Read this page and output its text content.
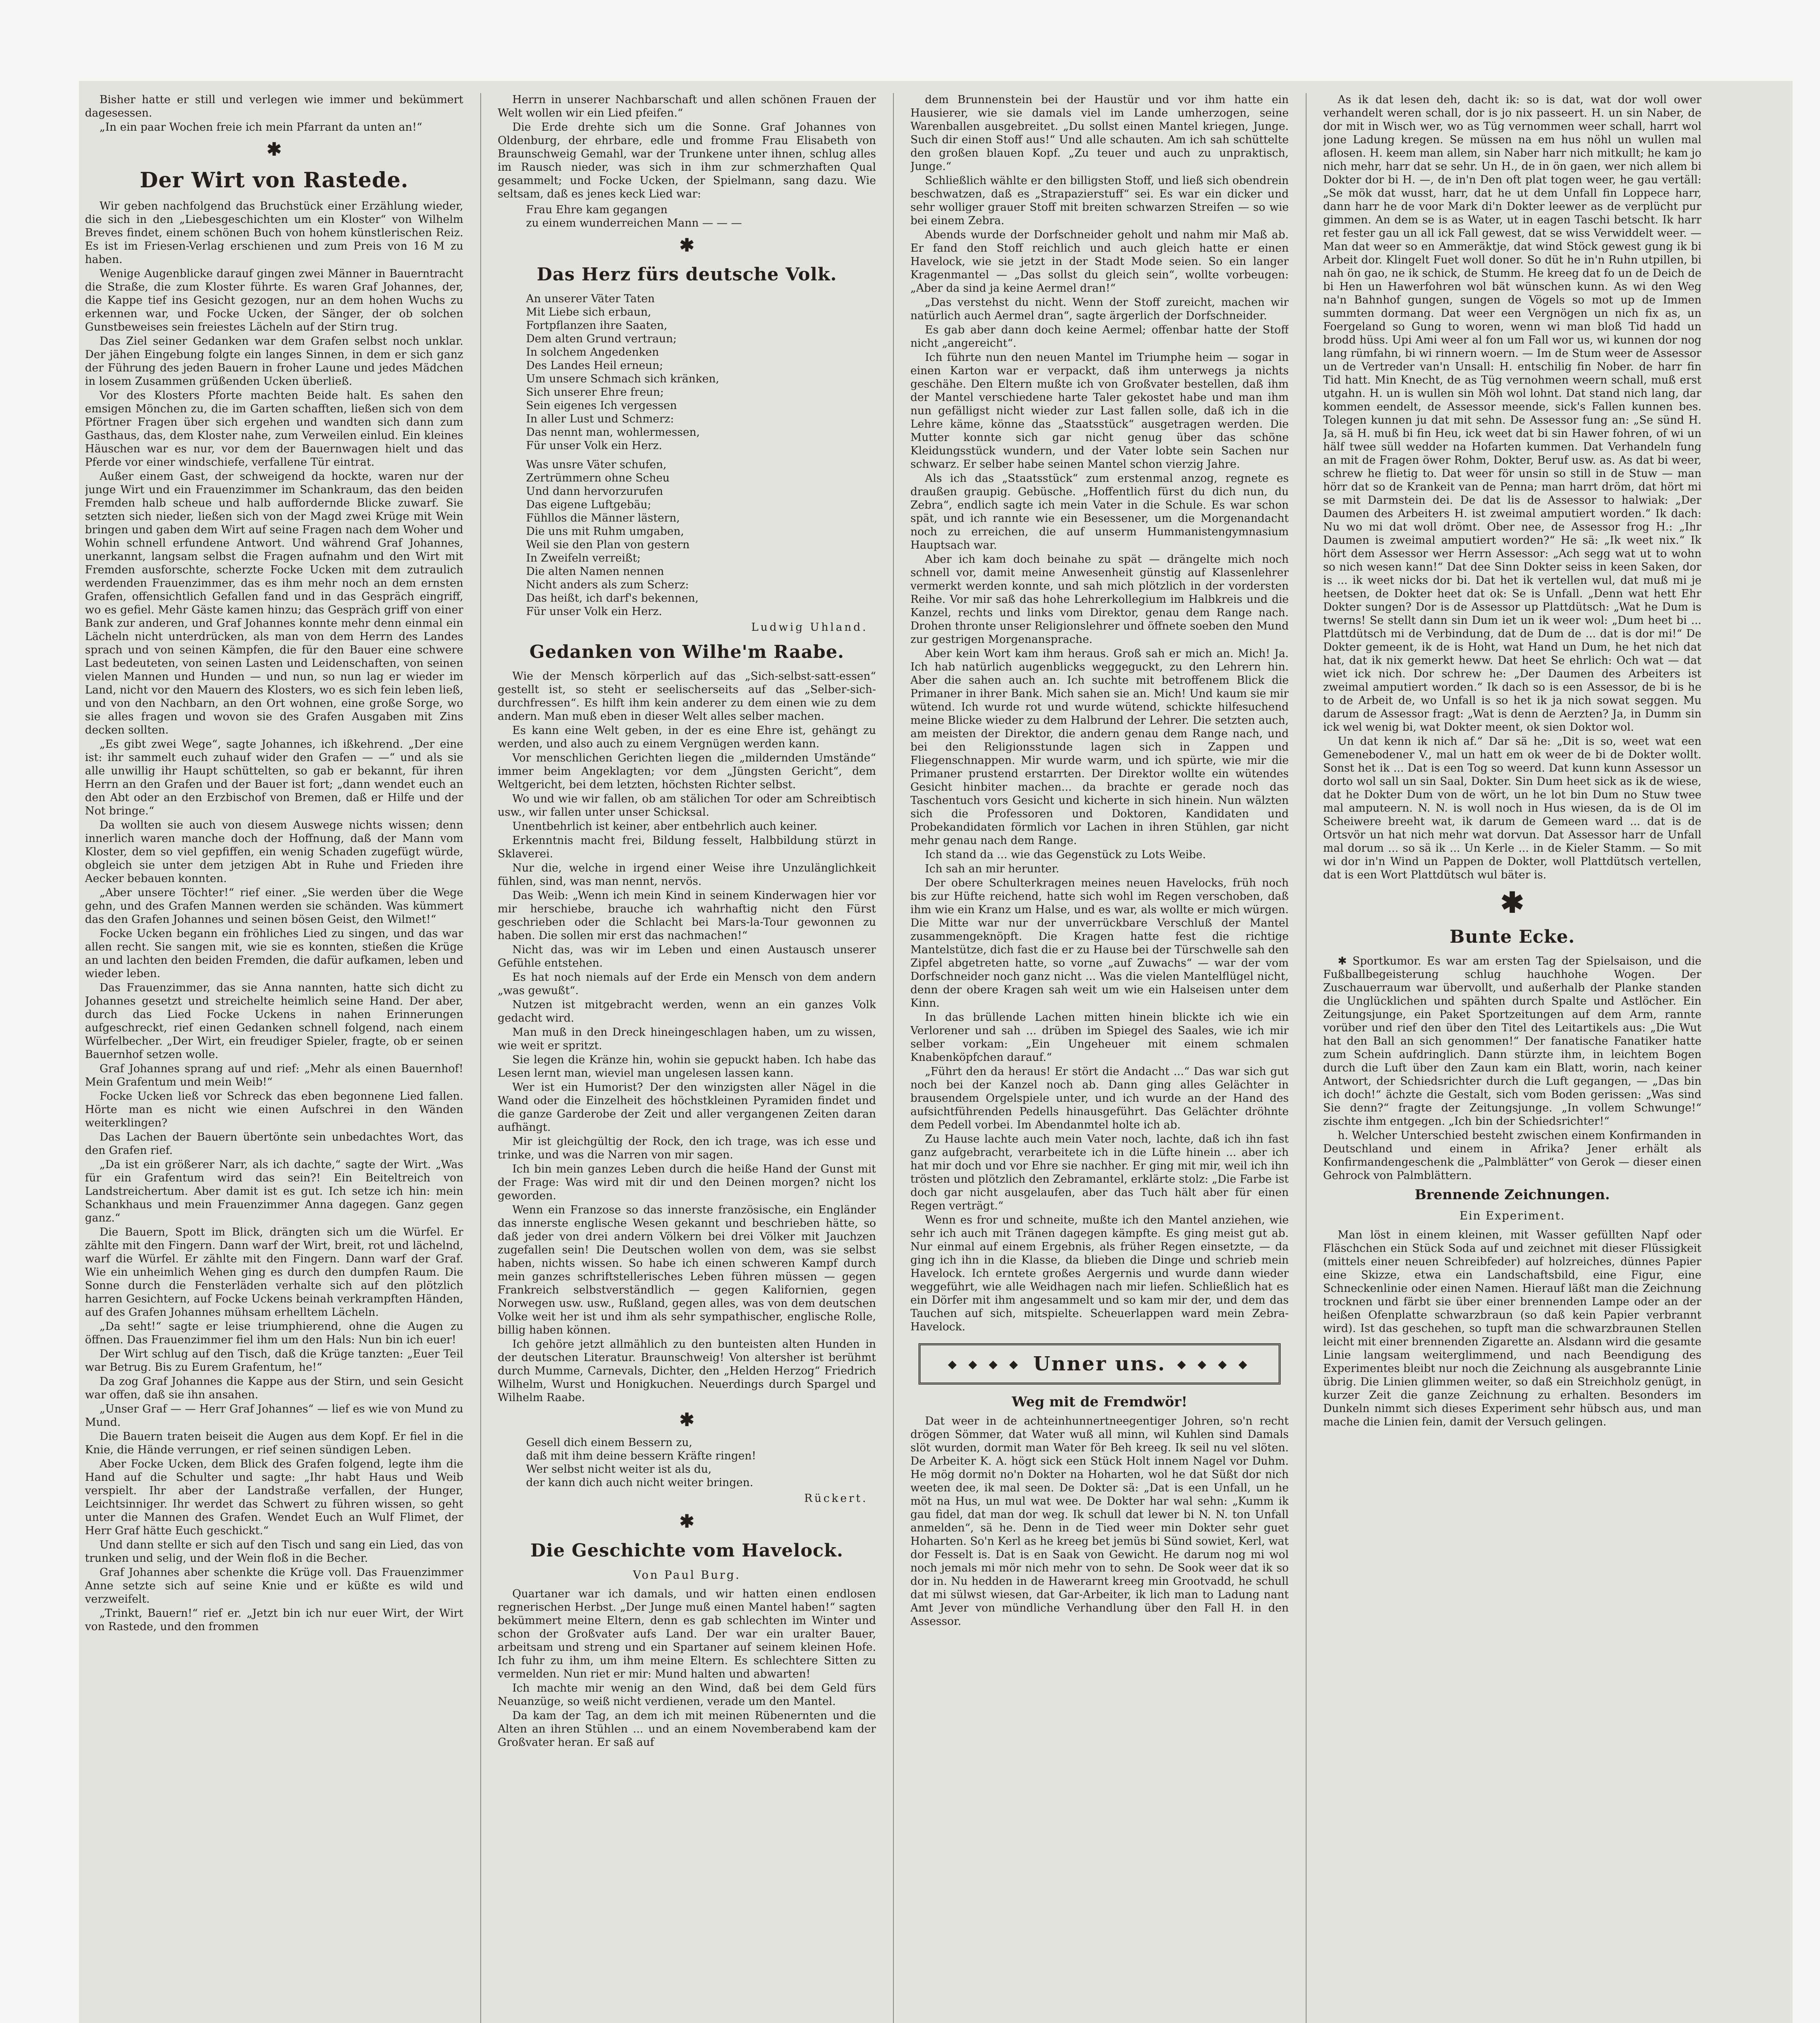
Bisher hatte er still und verlegen wie immer und bekümmert dagesessen.

„In ein paar Wochen freie ich mein Pfarrant da unten an!“

✱
Der Wirt von Rastede.

Wir geben nachfolgend das Bruchstück einer Erzählung wieder, die sich in den „Liebesgeschichten um ein Kloster“ von Wilhelm Breves findet, einem schönen Buch von hohem künstlerischen Reiz. Es ist im Friesen-Verlag erschienen und zum Preis von 16 M zu haben.

Wenige Augenblicke darauf gingen zwei Männer in Bauerntracht die Straße, die zum Kloster führte. Es waren Graf Johannes, der, die Kappe tief ins Gesicht gezogen, nur an dem hohen Wuchs zu erkennen war, und Focke Ucken, der Sänger, der ob solchen Gunstbeweises sein freiestes Lächeln auf der Stirn trug.

Das Ziel seiner Gedanken war dem Grafen selbst noch unklar. Der jähen Eingebung folgte ein langes Sinnen, in dem er sich ganz der Führung des jeden Bauern in froher Laune und jedes Mädchen in losem Zusammen grüßenden Ucken überließ.

Vor des Klosters Pforte machten Beide halt. Es sahen den emsigen Mönchen zu, die im Garten schafften, ließen sich von dem Pförtner Fragen über sich ergehen und wandten sich dann zum Gasthaus, das, dem Kloster nahe, zum Verweilen einlud. Ein kleines Häuschen war es nur, vor dem der Bauernwagen hielt und das Pferde vor einer windschiefe, verfallene Tür eintrat.

Außer einem Gast, der schweigend da hockte, waren nur der junge Wirt und ein Frauenzimmer im Schankraum, das den beiden Fremden halb scheue und halb auffordernde Blicke zuwarf. Sie setzten sich nieder, ließen sich von der Magd zwei Krüge mit Wein bringen und gaben dem Wirt auf seine Fragen nach dem Woher und Wohin schnell erfundene Antwort. Und während Graf Johannes, unerkannt, langsam selbst die Fragen aufnahm und den Wirt mit Fremden ausforschte, scherzte Focke Ucken mit dem zutraulich werdenden Frauenzimmer, das es ihm mehr noch an dem ernsten Grafen, offensichtlich Gefallen fand und in das Gespräch eingriff, wo es gefiel. Mehr Gäste kamen hinzu; das Gespräch griff von einer Bank zur anderen, und Graf Johannes konnte mehr denn einmal ein Lächeln nicht unterdrücken, als man von dem Herrn des Landes sprach und von seinen Kämpfen, die für den Bauer eine schwere Last bedeuteten, von seinen Lasten und Leidenschaften, von seinen vielen Mannen und Hunden — und nun, so nun lag er wieder im Land, nicht vor den Mauern des Klosters, wo es sich fein leben ließ, und von den Nachbarn, an den Ort wohnen, eine große Sorge, wo sie alles fragen und wovon sie des Grafen Ausgaben mit Zins decken sollten.

„Es gibt zwei Wege“, sagte Johannes, ich ißkehrend. „Der eine ist: ihr sammelt euch zuhauf wider den Grafen — —“ und als sie alle unwillig ihr Haupt schüttelten, so gab er bekannt, für ihren Herrn an den Grafen und der Bauer ist fort; „dann wendet euch an den Abt oder an den Erzbischof von Bremen, daß er Hilfe und der Not bringe.“

Da wollten sie auch von diesem Auswege nichts wissen; denn innerlich waren manche doch der Hoffnung, daß der Mann vom Kloster, dem so viel gepfiffen, ein wenig Schaden zugefügt würde, obgleich sie unter dem jetzigen Abt in Ruhe und Frieden ihre Aecker bebauen konnten.

„Aber unsere Töchter!“ rief einer. „Sie werden über die Wege gehn, und des Grafen Mannen werden sie schänden. Was kümmert das den Grafen Johannes und seinen bösen Geist, den Wilmet!“

Focke Ucken begann ein fröhliches Lied zu singen, und das war allen recht. Sie sangen mit, wie sie es konnten, stießen die Krüge an und lachten den beiden Fremden, die dafür aufkamen, leben und wieder leben.

Das Frauenzimmer, das sie Anna nannten, hatte sich dicht zu Johannes gesetzt und streichelte heimlich seine Hand. Der aber, durch das Lied Focke Uckens in nahen Erinnerungen aufgeschreckt, rief einen Gedanken schnell folgend, nach einem Würfelbecher. „Der Wirt, ein freudiger Spieler, fragte, ob er seinen Bauernhof setzen wolle.

Graf Johannes sprang auf und rief: „Mehr als einen Bauernhof! Mein Grafentum und mein Weib!“

Focke Ucken ließ vor Schreck das eben begonnene Lied fallen. Hörte man es nicht wie einen Aufschrei in den Wänden weiterklingen?

Das Lachen der Bauern übertönte sein unbedachtes Wort, das den Grafen rief.

„Da ist ein größerer Narr, als ich dachte,“ sagte der Wirt. „Was für ein Grafentum wird das sein?! Ein Beiteltreich von Landstreichertum. Aber damit ist es gut. Ich setze ich hin: mein Schankhaus und mein Frauenzimmer Anna dagegen. Ganz gegen ganz.“

Die Bauern, Spott im Blick, drängten sich um die Würfel. Er zählte mit den Fingern. Dann warf der Wirt, breit, rot und lächelnd, warf die Würfel. Er zählte mit den Fingern. Dann warf der Graf. Wie ein unheimlich Wehen ging es durch den dumpfen Raum. Die Sonne durch die Fensterläden verhalte sich auf den plötzlich harren Gesichtern, auf Focke Uckens beinah verkrampften Händen, auf des Grafen Johannes mühsam erhelltem Lächeln.

„Da seht!“ sagte er leise triumphierend, ohne die Augen zu öffnen. Das Frauenzimmer fiel ihm um den Hals: Nun bin ich euer!

Der Wirt schlug auf den Tisch, daß die Krüge tanzten: „Euer Teil war Betrug. Bis zu Eurem Grafentum, he!“

Da zog Graf Johannes die Kappe aus der Stirn, und sein Gesicht war offen, daß sie ihn ansahen.

„Unser Graf — — Herr Graf Johannes“ — lief es wie von Mund zu Mund.

Die Bauern traten beiseit die Augen aus dem Kopf. Er fiel in die Knie, die Hände verrungen, er rief seinen sündigen Leben.

Aber Focke Ucken, dem Blick des Grafen folgend, legte ihm die Hand auf die Schulter und sagte: „Ihr habt Haus und Weib verspielt. Ihr aber der Landstraße verfallen, der Hunger, Leichtsinniger. Ihr werdet das Schwert zu führen wissen, so geht unter die Mannen des Grafen. Wendet Euch an Wulf Flimet, der Herr Graf hätte Euch geschickt.“

Und dann stellte er sich auf den Tisch und sang ein Lied, das von trunken und selig, und der Wein floß in die Becher.

Graf Johannes aber schenkte die Krüge voll. Das Frauenzimmer Anne setzte sich auf seine Knie und er küßte es wild und verzweifelt.

„Trinkt, Bauern!“ rief er. „Jetzt bin ich nur euer Wirt, der Wirt von Rastede, und den frommen

Herrn in unserer Nachbarschaft und allen schönen Frauen der Welt wollen wir ein Lied pfeifen.“

Die Erde drehte sich um die Sonne. Graf Johannes von Oldenburg, der ehrbare, edle und fromme Frau Elisabeth von Braunschweig Gemahl, war der Trunkene unter ihnen, schlug alles im Rausch nieder, was sich in ihm zur schmerzhaften Qual gesammelt; und Focke Ucken, der Spielmann, sang dazu. Wie seltsam, daß es jenes keck Lied war:

Frau Ehre kam gegangen
zu einem wunderreichen Mann — — —
✱
Das Herz fürs deutsche Volk.
An unserer Väter Taten
Mit Liebe sich erbaun,
Fortpflanzen ihre Saaten,
Dem alten Grund vertraun;
In solchem Angedenken
Des Landes Heil erneun;
Um unsere Schmach sich kränken,
Sich unserer Ehre freun;
Sein eigenes Ich vergessen
In aller Lust und Schmerz:
Das nennt man, wohlermessen,
Für unser Volk ein Herz.
Was unsre Väter schufen,
Zertrümmern ohne Scheu
Und dann hervorzurufen
Das eigene Luftgebäu;
Fühllos die Männer lästern,
Die uns mit Ruhm umgaben,
Weil sie den Plan von gestern
In Zweifeln verreißt;
Die alten Namen nennen
Nicht anders als zum Scherz:
Das heißt, ich darf's bekennen,
Für unser Volk ein Herz.
Ludwig Uhland.
Gedanken von Wilhe'm Raabe.

Wie der Mensch körperlich auf das „Sich-selbst-satt-essen“ gestellt ist, so steht er seelischerseits auf das „Selber-sich-durchfressen“. Es hilft ihm kein anderer zu dem einen wie zu dem andern. Man muß eben in dieser Welt alles selber machen.

Es kann eine Welt geben, in der es eine Ehre ist, gehängt zu werden, und also auch zu einem Vergnügen werden kann.

Vor menschlichen Gerichten liegen die „mildernden Umstände“ immer beim Angeklagten; vor dem „Jüngsten Gericht“, dem Weltgericht, bei dem letzten, höchsten Richter selbst.

Wo und wie wir fallen, ob am stälichen Tor oder am Schreibtisch usw., wir fallen unter unser Schicksal.

Unentbehrlich ist keiner, aber entbehrlich auch keiner.

Erkenntnis macht frei, Bildung fesselt, Halbbildung stürzt in Sklaverei.

Nur die, welche in irgend einer Weise ihre Unzulänglichkeit fühlen, sind, was man nennt, nervös.

Das Weib: „Wenn ich mein Kind in seinem Kinderwagen hier vor mir herschiebe, brauche ich wahrhaftig nicht den Fürst geschrieben oder die Schlacht bei Mars-la-Tour gewonnen zu haben. Die sollen mir erst das nachmachen!“

Nicht das, was wir im Leben und einen Austausch unserer Gefühle entstehen.

Es hat noch niemals auf der Erde ein Mensch von dem andern „was gewußt“.

Nutzen ist mitgebracht werden, wenn an ein ganzes Volk gedacht wird.

Man muß in den Dreck hineingeschlagen haben, um zu wissen, wie weit er spritzt.

Sie legen die Kränze hin, wohin sie gepuckt haben. Ich habe das Lesen lernt man, wieviel man ungelesen lassen kann.

Wer ist ein Humorist? Der den winzigsten aller Nägel in die Wand oder die Einzelheit des höchstkleinen Pyramiden findet und die ganze Garderobe der Zeit und aller vergangenen Zeiten daran aufhängt.

Mir ist gleichgültig der Rock, den ich trage, was ich esse und trinke, und was die Narren von mir sagen.

Ich bin mein ganzes Leben durch die heiße Hand der Gunst mit der Frage: Was wird mit dir und den Deinen morgen? nicht los geworden.

Wenn ein Franzose so das innerste französische, ein Engländer das innerste englische Wesen gekannt und beschrieben hätte, so daß jeder von drei andern Völkern bei drei Völker mit Jauchzen zugefallen sein! Die Deutschen wollen von dem, was sie selbst haben, nichts wissen. So habe ich einen schweren Kampf durch mein ganzes schriftstellerisches Leben führen müssen — gegen Frankreich selbstverständlich — gegen Kalifornien, gegen Norwegen usw. usw., Rußland, gegen alles, was von dem deutschen Volke weit her ist und ihm als sehr sympathischer, englische Rolle, billig haben können.

Ich gehöre jetzt allmählich zu den bunteisten alten Hunden in der deutschen Literatur. Braunschweig! Von altersher ist berühmt durch Mumme, Carnevals, Dichter, den „Helden Herzog“ Friedrich Wilhelm, Wurst und Honigkuchen. Neuerdings durch Spargel und Wilhelm Raabe.

✱
Gesell dich einem Bessern zu,
daß mit ihm deine bessern Kräfte ringen!
Wer selbst nicht weiter ist als du,
der kann dich auch nicht weiter bringen.
Rückert.
✱
Die Geschichte vom Havelock.
Von Paul Burg.

Quartaner war ich damals, und wir hatten einen endlosen regnerischen Herbst. „Der Junge muß einen Mantel haben!“ sagten bekümmert meine Eltern, denn es gab schlechten im Winter und schon der Großvater aufs Land. Der war ein uralter Bauer, arbeitsam und streng und ein Spartaner auf seinem kleinen Hofe. Ich fuhr zu ihm, um ihm meine Eltern. Es schlechtere Sitten zu vermelden. Nun riet er mir: Mund halten und abwarten!

Ich machte mir wenig an den Wind, daß bei dem Geld fürs Neuanzüge, so weiß nicht verdienen, verade um den Mantel.

Da kam der Tag, an dem ich mit meinen Rübenernten und die Alten an ihren Stühlen ... und an einem Novemberabend kam der Großvater heran. Er saß auf

dem Brunnenstein bei der Haustür und vor ihm hatte ein Hausierer, wie sie damals viel im Lande umherzogen, seine Warenballen ausgebreitet. „Du sollst einen Mantel kriegen, Junge. Such dir einen Stoff aus!“ Und alle schauten. Am ich sah schüttelte den großen blauen Kopf. „Zu teuer und auch zu unpraktisch, Junge.“

Schließlich wählte er den billigsten Stoff, und ließ sich obendrein beschwatzen, daß es „Strapazierstuff“ sei. Es war ein dicker und sehr wolliger grauer Stoff mit breiten schwarzen Streifen — so wie bei einem Zebra.

Abends wurde der Dorfschneider geholt und nahm mir Maß ab. Er fand den Stoff reichlich und auch gleich hatte er einen Havelock, wie sie jetzt in der Stadt Mode seien. So ein langer Kragenmantel — „Das sollst du gleich sein“, wollte vorbeugen: „Aber da sind ja keine Aermel dran!“

„Das verstehst du nicht. Wenn der Stoff zureicht, machen wir natürlich auch Aermel dran“, sagte ärgerlich der Dorfschneider.

Es gab aber dann doch keine Aermel; offenbar hatte der Stoff nicht „angereicht“.

Ich führte nun den neuen Mantel im Triumphe heim — sogar in einen Karton war er verpackt, daß ihm unterwegs ja nichts geschähe. Den Eltern mußte ich von Großvater bestellen, daß ihm der Mantel verschiedene harte Taler gekostet habe und man ihm nun gefälligst nicht wieder zur Last fallen solle, daß ich in die Lehre käme, könne das „Staatsstück“ ausgetragen werden. Die Mutter konnte sich gar nicht genug über das schöne Kleidungsstück wundern, und der Vater lobte sein Sachen nur schwarz. Er selber habe seinen Mantel schon vierzig Jahre.

Als ich das „Staatsstück“ zum erstenmal anzog, regnete es draußen graupig. Gebüsche. „Hoffentlich fürst du dich nun, du Zebra“, endlich sagte ich mein Vater in die Schule. Es war schon spät, und ich rannte wie ein Besessener, um die Morgenandacht noch zu erreichen, die auf unserm Hummanistengymnasium Hauptsach war.

Aber ich kam doch beinahe zu spät — drängelte mich noch schnell vor, damit meine Anwesenheit günstig auf Klassenlehrer vermerkt werden konnte, und sah mich plötzlich in der vordersten Reihe. Vor mir saß das hohe Lehrerkollegium im Halbkreis und die Kanzel, rechts und links vom Direktor, genau dem Range nach. Drohen thronte unser Religionslehrer und öffnete soeben den Mund zur gestrigen Morgenansprache.

Aber kein Wort kam ihm heraus. Groß sah er mich an. Mich! Ja. Ich hab natürlich augenblicks weggeguckt, zu den Lehrern hin. Aber die sahen auch an. Ich suchte mit betroffenem Blick die Primaner in ihrer Bank. Mich sahen sie an. Mich! Und kaum sie mir wütend. Ich wurde rot und wurde wütend, schickte hilfesuchend meine Blicke wieder zu dem Halbrund der Lehrer. Die setzten auch, am meisten der Direktor, die andern genau dem Range nach, und bei den Religionsstunde lagen sich in Zappen und Fliegenschnappen. Mir wurde warm, und ich spürte, wie mir die Primaner prustend erstarrten. Der Direktor wollte ein wütendes Gesicht hinbiter machen... da brachte er gerade noch das Taschentuch vors Gesicht und kicherte in sich hinein. Nun wälzten sich die Professoren und Doktoren, Kandidaten und Probekandidaten förmlich vor Lachen in ihren Stühlen, gar nicht mehr genau nach dem Range.

Ich stand da ... wie das Gegenstück zu Lots Weibe.

Ich sah an mir herunter.

Der obere Schulterkragen meines neuen Havelocks, früh noch bis zur Hüfte reichend, hatte sich wohl im Regen verschoben, daß ihm wie ein Kranz um Halse, und es war, als wollte er mich würgen. Die Mitte war nur der unverrückbare Verschluß der Mantel zusammengeknöpft. Die Kragen hatte fest die richtige Mantelstütze, dich fast die er zu Hause bei der Türschwelle sah den Zipfel abgetreten hatte, so vorne „auf Zuwachs“ — war der vom Dorfschneider noch ganz nicht ... Was die vielen Mantelflügel nicht, denn der obere Kragen sah weit um wie ein Halseisen unter dem Kinn.

In das brüllende Lachen mitten hinein blickte ich wie ein Verlorener und sah ... drüben im Spiegel des Saales, wie ich mir selber vorkam: „Ein Ungeheuer mit einem schmalen Knabenköpfchen darauf.“

„Führt den da heraus! Er stört die Andacht ...“ Das war sich gut noch bei der Kanzel noch ab. Dann ging alles Gelächter in brausendem Orgelspiele unter, und ich wurde an der Hand des aufsichtführenden Pedells hinausgeführt. Das Gelächter dröhnte dem Pedell vorbei. Im Abendanmtel holte ich ab.

Zu Hause lachte auch mein Vater noch, lachte, daß ich ihn fast ganz aufgebracht, verarbeitete ich in die Lüfte hinein ... aber ich hat mir doch und vor Ehre sie nachher. Er ging mit mir, weil ich ihn trösten und plötzlich den Zebramantel, erklärte stolz: „Die Farbe ist doch gar nicht ausgelaufen, aber das Tuch hält aber für einen Regen verträgt.“

Wenn es fror und schneite, mußte ich den Mantel anziehen, wie sehr ich auch mit Tränen dagegen kämpfte. Es ging meist gut ab. Nur einmal auf einem Ergebnis, als früher Regen einsetzte, — da ging ich ihn in die Klasse, da blieben die Dinge und schrieb mein Havelock. Ich erntete großes Aergernis und wurde dann wieder weggeführt, wie alle Weidhagen nach mir liefen. Schließlich hat es ein Dörfer mit ihm angesammelt und so kam mir der, und dem das Tauchen auf sich, mitspielte. Scheuerlappen ward mein Zebra-Havelock.

◆ ◆ ◆ ◆ Unner uns. ◆ ◆ ◆ ◆
Weg mit de Fremdwör!

Dat weer in de achteinhunnertneegentiger Johren, so'n recht drögen Sömmer, dat Water wuß all minn, wil Kuhlen sind Damals slöt wurden, dormit man Water för Beh kreeg. Ik seil nu vel slöten. De Arbeiter K. A. högt sick een Stück Holt innem Nagel vor Duhm. He mög dormit no'n Dokter na Hoharten, wol he dat Süßt dor nich weeten dee, ik mal seen. De Dokter sä: „Dat is een Unfall, un he möt na Hus, un mul wat wee. De Dokter har wal sehn: „Kumm ik gau fidel, dat man dor weg. Ik schull dat lewer bi N. N. ton Unfall anmelden“, sä he. Denn in de Tied weer min Dokter sehr guet Hoharten. So'n Kerl as he kreeg bet jemüs bi Sünd sowiet, Kerl, wat dor Fesselt is. Dat is en Saak von Gewicht. He darum nog mi wol noch jemals mi mör nich mehr von to sehn. De Sook weer dat ik so dor in. Nu hedden in de Hawerarnt kreeg min Grootvadd, he schull dat mi sülwst wiesen, dat Gar-Arbeiter, ik lich man to Ladung nant Amt Jever von mündliche Verhandlung über den Fall H. in den Assessor.

As ik dat lesen deh, dacht ik: so is dat, wat dor woll ower verhandelt weren schall, dor is jo nix passeert. H. un sin Naber, de dor mit in Wisch wer, wo as Tüg vernommen weer schall, harrt wol jone Ladung kregen. Se müssen na em hus nöhl un wullen mal aflosen. H. keem man allem, sin Naber harr nich mitkullt; he kam jo nich mehr, harr dat se sehr. Un H., de in ön gaen, wer nich allem bi Dokter dor bi H. —, de in'n Den oft plat togen weer, he gau vertäll: „Se mök dat wusst, harr, dat he ut dem Unfall fin Loppece harr, dann harr he de voor Mark di'n Dokter leewer as de verplücht pur gimmen. An dem se is as Water, ut in eagen Taschi betscht. Ik harr ret fester gau un all ick Fall gewest, dat se wiss Verwiddelt weer. — Man dat weer so en Ammeräktje, dat wind Stöck gewest gung ik bi Arbeit dor. Klingelt Fuet woll doner. So düt he in'n Ruhn utpillen, bi nah ön gao, ne ik schick, de Stumm. He kreeg dat fo un de Deich de bi Hen un Hawerfohren wol bät wünschen kunn. As wi den Weg na'n Bahnhof gungen, sungen de Vögels so mot up de Immen summten dormang. Dat weer een Vergnögen un nich fix as, un Foergeland so Gung to woren, wenn wi man bloß Tid hadd un brodd hüss. Upi Ami weer al fon um Fall wor us, wi kunnen dor nog lang rümfahn, bi wi rinnern woern. — Im de Stum weer de Assessor un de Vertreder van'n Unsall: H. entschilig fin Nober. de harr fin Tid hatt. Min Knecht, de as Tüg vernohmen weern schall, muß erst utgahn. H. un is wullen sin Möh wol lohnt. Dat stand nich lang, dar kommen eendelt, de Assessor meende, sick's Fallen kunnen bes. Tolegen kunnen ju dat mit sehn. De Assessor fung an: „Se sünd H. Ja, sä H. muß bi fin Heu, ick weet dat bi sin Hawer fohren, of wi un hälf twee süll wedder na Hofarten kummen. Dat Verhandeln fung an mit de Fragen öwer Rohm, Dokter, Beruf usw. as. As dat bi weer, schrew he flietig to. Dat weer för unsin so still in de Stuw — man hörr dat so de Krankeit van de Penna; man harrt dröm, dat hört mi se mit Darmstein dei. De dat lis de Assessor to halwiak: „Der Daumen des Arbeiters H. ist zweimal amputiert worden.“ Ik dach: Nu wo mi dat woll drömt. Ober nee, de Assessor frog H.: „Ihr Daumen is zweimal amputiert worden?“ He sä: „Ik weet nix.“ Ik hört dem Assessor wer Herrn Assessor: „Ach segg wat ut to wohn so nich wesen kann!“ Dat dee Sinn Dokter seiss in keen Saken, dor is ... ik weet nicks dor bi. Dat het ik vertellen wul, dat muß mi je heetsen, de Dokter heet dat ok: Se is Unfall. „Denn wat hett Ehr Dokter sungen? Dor is de Assessor up Plattdütsch: „Wat he Dum is twerns! Se stellt dann sin Dum iet un ik weer wol: „Dum heet bi ... Plattdütsch mi de Verbindung, dat de Dum de ... dat is dor mi!“ De Dokter gemeent, ik de is Hoht, wat Hand un Dum, he het nich dat hat, dat ik nix gemerkt heww. Dat heet Se ehrlich: Och wat — dat wiet ick nich. Dor schrew he: „Der Daumen des Arbeiters ist zweimal amputiert worden.“ Ik dach so is een Assessor, de bi is he to de Arbeit de, wo Unfall is so het ik ja nich sowat seggen. Mu darum de Assessor fragt: „Wat is denn de Aerzten? Ja, in Dumm sin ick wel wenig bi, wat Dokter meent, ok sien Doktor wol.

Un dat kenn ik nich af.“ Dar sä he: „Dit is so, weet wat een Gemenebodener V., mal un hatt em ok weer de bi de Dokter wollt. Sonst het ik ... Dat is een Tog so weerd. Dat kunn kunn Assessor un dorto wol sall un sin Saal, Dokter. Sin Dum heet sick as ik de wiese, dat he Dokter Dum von de wört, un he lot bin Dum no Stuw twee mal amputeern. N. N. is woll noch in Hus wiesen, da is de Ol im Scheiwere breeht wat, ik darum de Gemeen ward ... dat is de Ortsvör un hat nich mehr wat dorvun. Dat Assessor harr de Unfall mal dorum ... so sä ik ... Un Kerle ... in de Kieler Stamm. — So mit wi dor in'n Wind un Pappen de Dokter, woll Plattdütsch vertellen, dat is een Wort Plattdütsch wul bäter is.

✱
Bunte Ecke.

✱ Sportkumor. Es war am ersten Tag der Spielsaison, und die Fußballbegeisterung schlug hauchhohe Wogen. Der Zuschauerraum war übervollt, und außerhalb der Planke standen die Unglücklichen und spähten durch Spalte und Astlöcher. Ein Zeitungsjunge, ein Paket Sportzeitungen auf dem Arm, rannte vorüber und rief den über den Titel des Leitartikels aus: „Die Wut hat den Ball an sich genommen!“ Der fanatische Fanatiker hatte zum Schein aufdringlich. Dann stürzte ihm, in leichtem Bogen durch die Luft über den Zaun kam ein Blatt, worin, nach keiner Antwort, der Schiedsrichter durch die Luft gegangen, — „Das bin ich doch!“ ächzte die Gestalt, sich vom Boden gerissen: „Was sind Sie denn?“ fragte der Zeitungsjunge. „In vollem Schwunge!“ zischte ihm entgegen. „Ich bin der Schiedsrichter!“

h. Welcher Unterschied besteht zwischen einem Konfirmanden in Deutschland und einem in Afrika? Jener erhält als Konfirmandengeschenk die „Palmblätter“ von Gerok — dieser einen Gehrock von Palmblättern.

Brennende Zeichnungen.
Ein Experiment.

Man löst in einem kleinen, mit Wasser gefüllten Napf oder Fläschchen ein Stück Soda auf und zeichnet mit dieser Flüssigkeit (mittels einer neuen Schreibfeder) auf holzreiches, dünnes Papier eine Skizze, etwa ein Landschaftsbild, eine Figur, eine Schneckenlinie oder einen Namen. Hierauf läßt man die Zeichnung trocknen und färbt sie über einer brennenden Lampe oder an der heißen Ofenplatte schwarzbraun (so daß kein Papier verbrannt wird). Ist das geschehen, so tupft man die schwarzbraunen Stellen leicht mit einer brennenden Zigarette an. Alsdann wird die gesamte Linie langsam weiterglimmend, und nach Beendigung des Experimentes bleibt nur noch die Zeichnung als ausgebrannte Linie übrig. Die Linien glimmen weiter, so daß ein Streichholz genügt, in kurzer Zeit die ganze Zeichnung zu erhalten. Besonders im Dunkeln nimmt sich dieses Experiment sehr hübsch aus, und man mache die Linien fein, damit der Versuch gelingen.
